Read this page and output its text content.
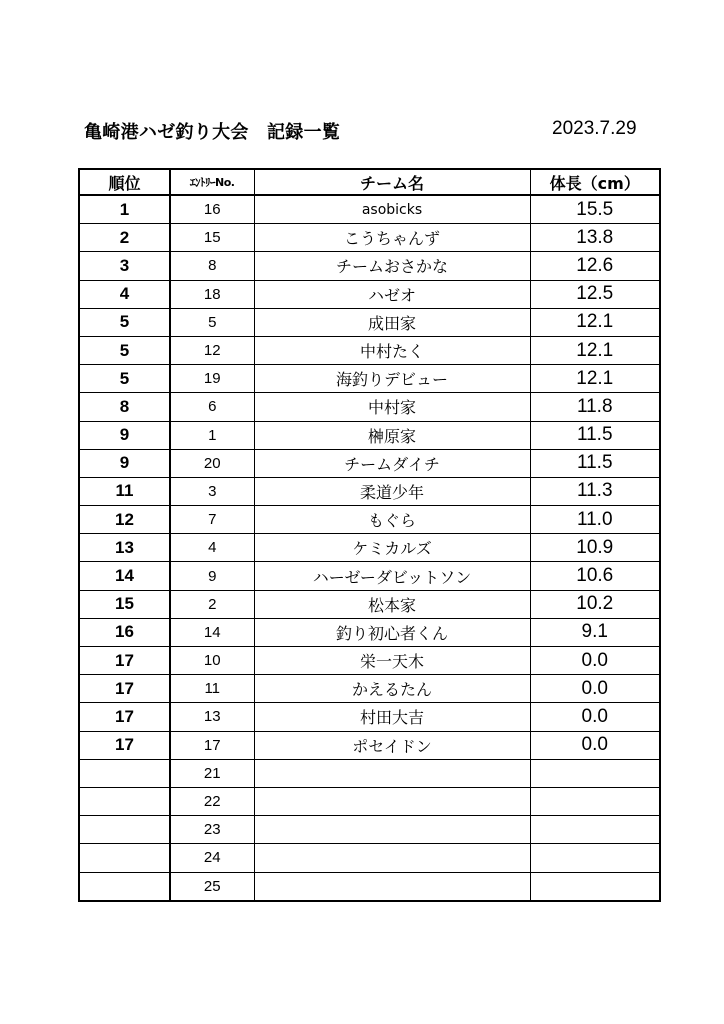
亀崎港ハゼ釣り大会　記録一覧	2023.7.29
順位	ｴﾝﾄﾘｰNo.	チーム名	体長（cm）
1	16	asobicks	15.5
2	15	こうちゃんず	13.8
3	8	チームおさかな	12.6
4	18	ハゼオ	12.5
5	5	成田家	12.1
5	12	中村たく	12.1
5	19	海釣りデビュー	12.1
8	6	中村家	11.8
9	1	榊原家	11.5
9	20	チームダイチ	11.5
11	3	柔道少年	11.3
12	7	もぐら	11.0
13	4	ケミカルズ	10.9
14	9	ハーゼーダビットソン	10.6
15	2	松本家	10.2
16	14	釣り初心者くん	9.1
17	10	栄一天木	0.0
17	11	かえるたん	0.0
17	13	村田大吉	0.0
17	17	ポセイドン	0.0
	21		
	22		
	23		
	24		
	25		
